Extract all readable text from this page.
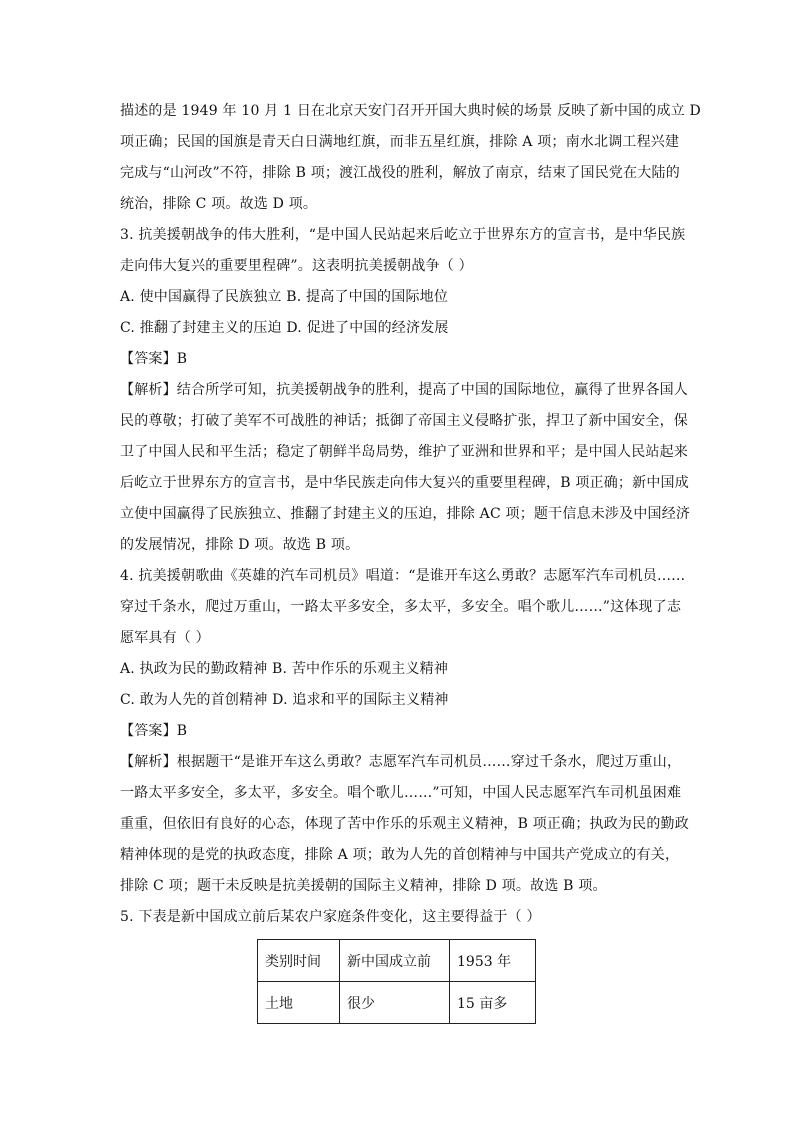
描述的是 1949 年 10 月 1 日在北京天安门召开开国大典时候的场景 反映了新中国的成立 D
项正确；民国的国旗是青天白日满地红旗，而非五星红旗，排除 A 项；南水北调工程兴建
完成与“山河改”不符，排除 B 项；渡江战役的胜利，解放了南京，结束了国民党在大陆的
统治，排除 C 项。故选 D 项。
3. 抗美援朝战争的伟大胜利，“是中国人民站起来后屹立于世界东方的宣言书，是中华民族
走向伟大复兴的重要里程碑”。这表明抗美援朝战争（ ）
A. 使中国赢得了民族独立 B. 提高了中国的国际地位
C. 推翻了封建主义的压迫 D. 促进了中国的经济发展
【答案】B
【解析】结合所学可知，抗美援朝战争的胜利，提高了中国的国际地位，赢得了世界各国人
民的尊敬；打破了美军不可战胜的神话；抵御了帝国主义侵略扩张，捍卫了新中国安全，保
卫了中国人民和平生活；稳定了朝鲜半岛局势，维护了亚洲和世界和平；是中国人民站起来
后屹立于世界东方的宣言书，是中华民族走向伟大复兴的重要里程碑，B 项正确；新中国成
立使中国赢得了民族独立、推翻了封建主义的压迫，排除 AC 项；题干信息未涉及中国经济
的发展情况，排除 D 项。故选 B 项。
4. 抗美援朝歌曲《英雄的汽车司机员》唱道：“是谁开车这么勇敢？志愿军汽车司机员……
穿过千条水，爬过万重山，一路太平多安全，多太平，多安全。唱个歌儿……”这体现了志
愿军具有（ ）
A. 执政为民的勤政精神 B. 苦中作乐的乐观主义精神
C. 敢为人先的首创精神 D. 追求和平的国际主义精神
【答案】B
【解析】根据题干“是谁开车这么勇敢？志愿军汽车司机员……穿过千条水，爬过万重山，
一路太平多安全，多太平，多安全。唱个歌儿……”可知，中国人民志愿军汽车司机虽困难
重重，但依旧有良好的心态，体现了苦中作乐的乐观主义精神，B 项正确；执政为民的勤政
精神体现的是党的执政态度，排除 A 项；敢为人先的首创精神与中国共产党成立的有关，
排除 C 项；题干未反映是抗美援朝的国际主义精神，排除 D 项。故选 B 项。
5. 下表是新中国成立前后某农户家庭条件变化，这主要得益于（ ）
类别时间	新中国成立前	1953 年
土地	很少	15 亩多
